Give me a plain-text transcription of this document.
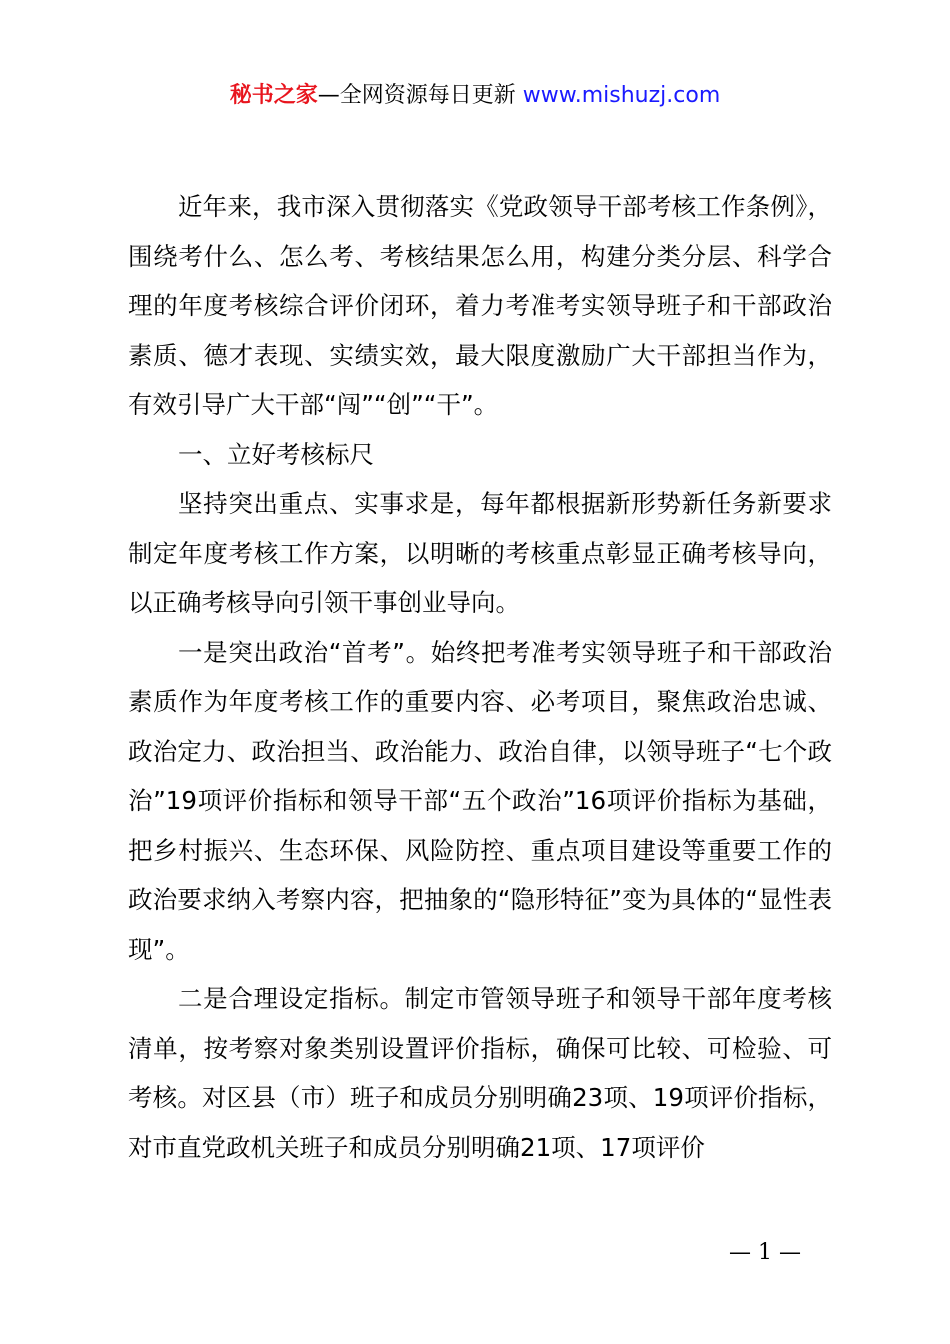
秘书之家—全网资源每日更新 www.mishuzj.com

近年来，我市深入贯彻落实《党政领导干部考核工作条例》，围绕考什么、怎么考、考核结果怎么用，构建分类分层、科学合理的年度考核综合评价闭环，着力考准考实领导班子和干部政治素质、德才表现、实绩实效，最大限度激励广大干部担当作为，有效引导广大干部“闯”“创”“干”。

一、立好考核标尺

坚持突出重点、实事求是，每年都根据新形势新任务新要求制定年度考核工作方案，以明晰的考核重点彰显正确考核导向，以正确考核导向引领干事创业导向。

一是突出政治“首考”。始终把考准考实领导班子和干部政治素质作为年度考核工作的重要内容、必考项目，聚焦政治忠诚、政治定力、政治担当、政治能力、政治自律，以领导班子“七个政治”19项评价指标和领导干部“五个政治”16项评价指标为基础，把乡村振兴、生态环保、风险防控、重点项目建设等重要工作的政治要求纳入考察内容，把抽象的“隐形特征”变为具体的“显性表现”。

二是合理设定指标。制定市管领导班子和领导干部年度考核清单，按考察对象类别设置评价指标，确保可比较、可检验、可考核。对区县（市）班子和成员分别明确23项、19项评价指标，对市直党政机关班子和成员分别明确21项、17项评价

— 1 —
